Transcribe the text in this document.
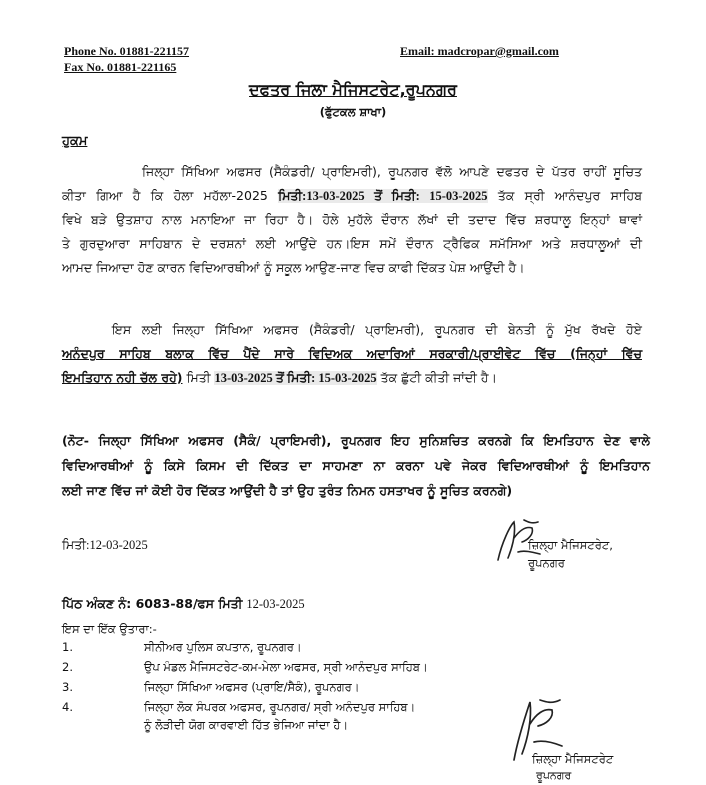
Phone No. 01881-221157
Fax No. 01881-221165
Email: madcropar@gmail.com
ਦਫਤਰ ਜਿਲਾ ਮੈਜਿਸਟਰੇਟ,ਰੂਪਨਗਰ
(ਫੁੱਟਕਲ ਸ਼ਾਖਾ)
ਹੁਕਮ
ਜਿਲ੍ਹਾ ਸਿੱਖਿਆ ਅਫਸਰ (ਸੈਕੰਡਰੀ/ ਪ੍ਰਾਇਮਰੀ), ਰੂਪਨਗਰ ਵੱਲੋ ਆਪਣੇ ਦਫਤਰ ਦੇ ਪੱਤਰ ਰਾਹੀਂ ਸੂਚਿਤ
ਕੀਤਾ ਗਿਆ ਹੈ ਕਿ ਹੋਲਾ ਮਹੱਲਾ-2025 ਮਿਤੀ:13-03-2025 ਤੋਂ ਮਿਤੀ: 15-03-2025 ਤੱਕ ਸ੍ਰੀ ਆਨੰਦਪੁਰ ਸਾਹਿਬ
ਵਿਖੇ ਬੜੇ ਉਤਸ਼ਾਹ ਨਾਲ ਮਨਾਇਆ ਜਾ ਰਿਹਾ ਹੈ। ਹੋਲੇ ਮੁਹੱਲੇ ਦੌਰਾਨ ਲੱਖਾਂ ਦੀ ਤਦਾਦ ਵਿੱਚ ਸ਼ਰਧਾਲੂ ਇਨ੍ਹਾਂ ਥਾਵਾਂ
ਤੇ ਗੁਰਦੁਆਰਾ ਸਾਹਿਬਾਨ ਦੇ ਦਰਸ਼ਨਾਂ ਲਈ ਆਉਂਦੇ ਹਨ।ਇਸ ਸਮੇਂ ਦੌਰਾਨ ਟ੍ਰੈਫਿਕ ਸਮੱਸਿਆ ਅਤੇ ਸ਼ਰਧਾਲੂਆਂ ਦੀ
ਆਮਦ ਜਿਆਦਾ ਹੋਣ ਕਾਰਨ ਵਿਦਿਆਰਥੀਆਂ ਨੂੰ ਸਕੂਲ ਆਉਣ-ਜਾਣ ਵਿਚ ਕਾਫੀ ਦਿੱਕਤ ਪੇਸ਼ ਆਉਂਦੀ ਹੈ।
ਇਸ ਲਈ ਜਿਲ੍ਹਾ ਸਿੱਖਿਆ ਅਫਸਰ (ਸੈਕੰਡਰੀ/ ਪ੍ਰਾਇਮਰੀ), ਰੂਪਨਗਰ ਦੀ ਬੇਨਤੀ ਨੂੰ ਮੁੱਖ ਰੱਖਦੇ ਹੋਏ
ਅਨੰਦਪੁਰ ਸਾਹਿਬ ਬਲਾਕ ਵਿੱਚ ਪੈਂਦੇ ਸਾਰੇ ਵਿਦਿਅਕ ਅਦਾਰਿਆਂ ਸਰਕਾਰੀ/ਪ੍ਰਾਈਵੇਟ ਵਿੱਚ (ਜਿਨ੍ਹਾਂ ਵਿੱਚ
ਇਮਤਿਹਾਨ ਨਹੀ ਚੱਲ ਰਹੇ) ਮਿਤੀ 13-03-2025 ਤੋਂ ਮਿਤੀ: 15-03-2025 ਤੱਕ ਛੁੱਟੀ ਕੀਤੀ ਜਾਂਦੀ ਹੈ।
(ਨੋਟ- ਜਿਲ੍ਹਾ ਸਿੱਖਿਆ ਅਫਸਰ (ਸੈਕੰ/ ਪ੍ਰਾਇਮਰੀ), ਰੂਪਨਗਰ ਇਹ ਸੁਨਿਸ਼ਚਿਤ ਕਰਨਗੇ ਕਿ ਇਮਤਿਹਾਨ ਦੇਣ ਵਾਲੇ
ਵਿਦਿਆਰਥੀਆਂ ਨੂੰ ਕਿਸੇ ਕਿਸਮ ਦੀ ਦਿੱਕਤ ਦਾ ਸਾਹਮਣਾ ਨਾ ਕਰਨਾ ਪਵੇ ਜੇਕਰ ਵਿਦਿਆਰਥੀਆਂ ਨੂੰ ਇਮਤਿਹਾਨ
ਲਈ ਜਾਣ ਵਿੱਚ ਜਾਂ ਕੋਈ ਹੋਰ ਦਿੱਕਤ ਆਉਂਦੀ ਹੈ ਤਾਂ ਉਹ ਤੁਰੰਤ ਨਿਮਨ ਹਸਤਾਖਰ ਨੂੰ ਸੂਚਿਤ ਕਰਨਗੇ)
ਮਿਤੀ:12-03-2025	ਜ਼ਿਲ੍ਹਾ ਮੈਜਿਸਟਰੇਟ,
ਰੂਪਨਗਰ
ਪਿੱਠ ਅੰਕਣ ਨੰ: 6083-88/ਫਸ ਮਿਤੀ 12-03-2025
ਇਸ ਦਾ ਇੱਕ ਉਤਾਰਾ:-
1.	ਸੀਨੀਅਰ ਪੁਲਿਸ ਕਪਤਾਨ, ਰੂਪਨਗਰ।
2.	ਉਪ ਮੰਡਲ ਮੈਜਿਸਟਰੇਟ-ਕਮ-ਮੇਲਾ ਅਫਸਰ, ਸ੍ਰੀ ਆਨੰਦਪੁਰ ਸਾਹਿਬ।
3.	ਜਿਲ੍ਹਾ ਸਿੱਖਿਆ ਅਫਸਰ (ਪ੍ਰਾਇ/ਸੈਕੰ), ਰੂਪਨਗਰ।
4.	ਜਿਲ੍ਹਾ ਲੋਕ ਸੰਪਰਕ ਅਫਸਰ, ਰੂਪਨਗਰ/ ਸ੍ਰੀ ਅਨੰਦਪੁਰ ਸਾਹਿਬ।
ਨੂੰ ਲੋੜੀਦੀ ਯੋਗ ਕਾਰਵਾਈ ਹਿੱਤ ਭੇਜਿਆ ਜਾਂਦਾ ਹੈ।
ਜ਼ਿਲ੍ਹਾ ਮੈਜਿਸਟਰੇਟ
ਰੂਪਨਗਰ
